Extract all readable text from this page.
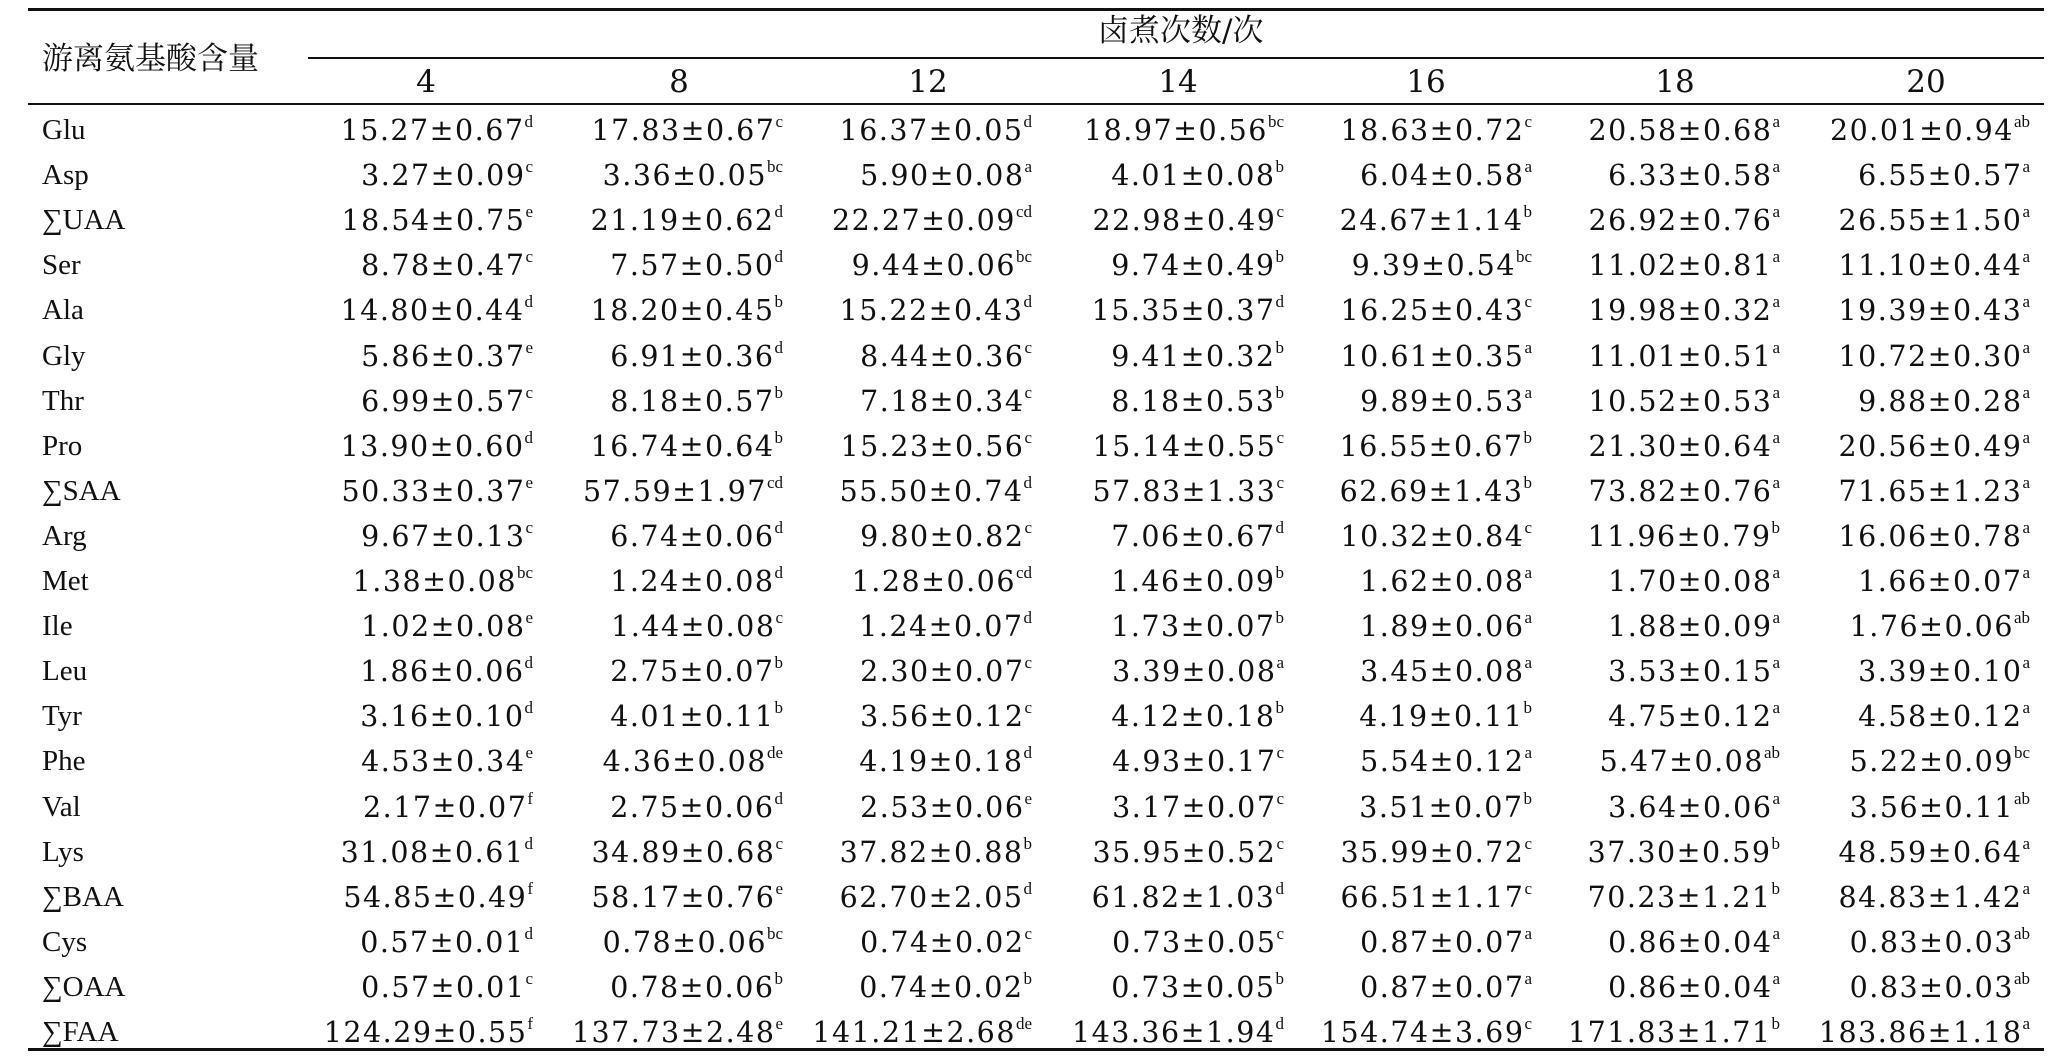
游离氨基酸含量
卤煮次数/次
4	8	12	14	16	18	20
Glu	15.27±0.67$^d$ 17.83±0.67$^c$ 16.37±0.05$^d$ 18.97±0.56$^{bc}$ 18.63±0.72$^c$ 20.58±0.68$^a$ 20.01±0.94$^{ab}$
Asp	3.27±0.09$^c$ 3.36±0.05$^{bc}$	5.90±0.08$^a$	4.01±0.08$^b$	6.04±0.58$^a$	6.33±0.58$^a$	6.55±0.57$^a$
∑UAA	18.54±0.75$^e$ 21.19±0.62$^d$ 22.27±0.09$^{cd}$ 22.98±0.49$^c$ 24.67±1.14$^b$ 26.92±0.76$^a$ 26.55±1.50$^a$
Ser	8.78±0.47$^c$	7.57±0.50$^d$ 9.44±0.06$^{bc}$	9.74±0.49$^b$ 9.39±0.54$^{bc}$ 11.02±0.81$^a$ 11.10±0.44$^a$
Ala	14.80±0.44$^d$ 18.20±0.45$^b$ 15.22±0.43$^d$ 15.35±0.37$^d$ 16.25±0.43$^c$ 19.98±0.32$^a$ 19.39±0.43$^a$
Gly	5.86±0.37$^e$	6.91±0.36$^d$	8.44±0.36$^c$	9.41±0.32$^b$ 10.61±0.35$^a$ 11.01±0.51$^a$ 10.72±0.30$^a$
Thr	6.99±0.57$^c$	8.18±0.57$^b$	7.18±0.34$^c$	8.18±0.53$^b$	9.89±0.53$^a$ 10.52±0.53$^a$	9.88±0.28$^a$
Pro	13.90±0.60$^d$ 16.74±0.64$^b$ 15.23±0.56$^c$ 15.14±0.55$^c$ 16.55±0.67$^b$ 21.30±0.64$^a$ 20.56±0.49$^a$
∑SAA	50.33±0.37$^e$ 57.59±1.97$^{cd}$ 55.50±0.74$^d$ 57.83±1.33$^c$ 62.69±1.43$^b$ 73.82±0.76$^a$ 71.65±1.23$^a$
Arg	9.67±0.13$^c$	6.74±0.06$^d$	9.80±0.82$^c$	7.06±0.67$^d$ 10.32±0.84$^c$ 11.96±0.79$^b$ 16.06±0.78$^a$
Met	1.38±0.08$^{bc}$	1.24±0.08$^d$ 1.28±0.06$^{cd}$	1.46±0.09$^b$	1.62±0.08$^a$	1.70±0.08$^a$	1.66±0.07$^a$
Ile	1.02±0.08$^e$	1.44±0.08$^c$	1.24±0.07$^d$	1.73±0.07$^b$	1.89±0.06$^a$	1.88±0.09$^a$ 1.76±0.06$^{ab}$
Leu	1.86±0.06$^d$	2.75±0.07$^b$	2.30±0.07$^c$	3.39±0.08$^a$	3.45±0.08$^a$	3.53±0.15$^a$	3.39±0.10$^a$
Tyr	3.16±0.10$^d$	4.01±0.11$^b$	3.56±0.12$^c$	4.12±0.18$^b$	4.19±0.11$^b$	4.75±0.12$^a$	4.58±0.12$^a$
Phe	4.53±0.34$^e$ 4.36±0.08de	4.19±0.18$^d$	4.93±0.17$^c$	5.54±0.12$^a$ 5.47±0.08$^{ab}$ 5.22±0.09$^{bc}$
Val	2.17±0.07$^f$	2.75±0.06$^d$	2.53±0.06$^e$	3.17±0.07$^c$	3.51±0.07$^b$	3.64±0.06$^a$ 3.56±0.11$^{ab}$
Lys	31.08±0.61$^d$ 34.89±0.68$^c$ 37.82±0.88$^b$ 35.95±0.52$^c$ 35.99±0.72$^c$ 37.30±0.59$^b$ 48.59±0.64$^a$
∑BAA	54.85±0.49$^f$ 58.17±0.76$^e$ 62.70±2.05$^d$ 61.82±1.03$^d$ 66.51±1.17$^c$ 70.23±1.21$^b$ 84.83±1.42$^a$
Cys	0.57±0.01$^d$ 0.78±0.06$^{bc}$	0.74±0.02$^c$	0.73±0.05$^c$	0.87±0.07$^a$	0.86±0.04$^a$ 0.83±0.03$^{ab}$
∑OAA	0.57±0.01$^c$	0.78±0.06$^b$	0.74±0.02$^b$	0.73±0.05$^b$	0.87±0.07$^a$	0.86±0.04$^a$ 0.83±0.03$^{ab}$
∑FAA	124.29±0.55$^f$ 137.73±2.48$^e$ 141.21±2.68de 143.36±1.94$^d$ 154.74±3.69$^c$ 171.83±1.71$^b$ 183.86±1.18$^a$
